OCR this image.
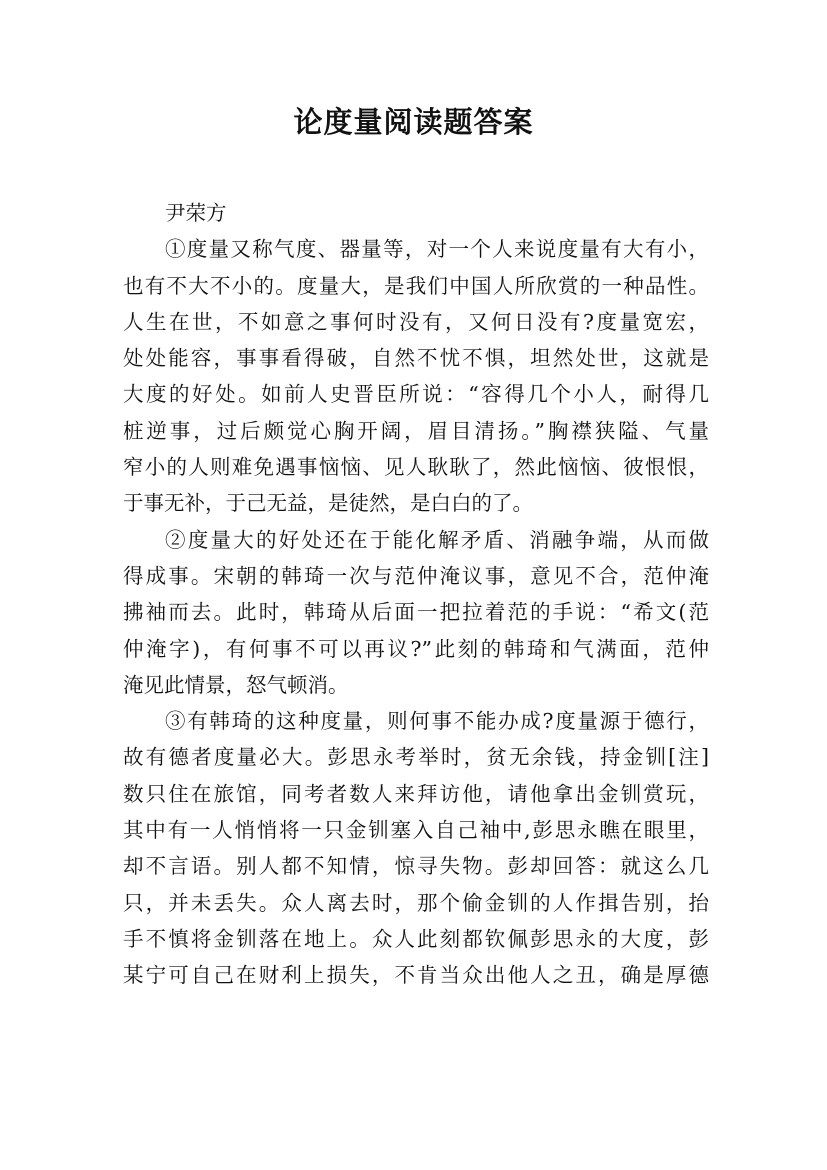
论度量阅读题答案
尹荣方
①度量又称气度、器量等，对一个人来说度量有大有小，
也有不大不小的。度量大，是我们中国人所欣赏的一种品性。
人生在世，不如意之事何时没有，又何日没有?度量宽宏，
处处能容，事事看得破，自然不忧不惧，坦然处世，这就是
大度的好处。如前人史晋臣所说：“容得几个小人，耐得几
桩逆事，过后颇觉心胸开阔，眉目清扬。”胸襟狭隘、气量
窄小的人则难免遇事恼恼、见人耿耿了，然此恼恼、彼恨恨，
于事无补，于己无益，是徒然，是白白的了。
②度量大的好处还在于能化解矛盾、消融争端，从而做
得成事。宋朝的韩琦一次与范仲淹议事，意见不合，范仲淹
拂袖而去。此时，韩琦从后面一把拉着范的手说：“希文(范
仲淹字)，有何事不可以再议?”此刻的韩琦和气满面，范仲
淹见此情景，怒气顿消。
③有韩琦的这种度量，则何事不能办成?度量源于德行，
故有德者度量必大。彭思永考举时，贫无余钱，持金钏[注]
数只住在旅馆，同考者数人来拜访他，请他拿出金钏赏玩，
其中有一人悄悄将一只金钏塞入自己袖中,彭思永瞧在眼里，
却不言语。别人都不知情，惊寻失物。彭却回答：就这么几
只，并未丢失。众人离去时，那个偷金钏的人作揖告别，抬
手不慎将金钏落在地上。众人此刻都钦佩彭思永的大度，彭
某宁可自己在财利上损失，不肯当众出他人之丑，确是厚德
